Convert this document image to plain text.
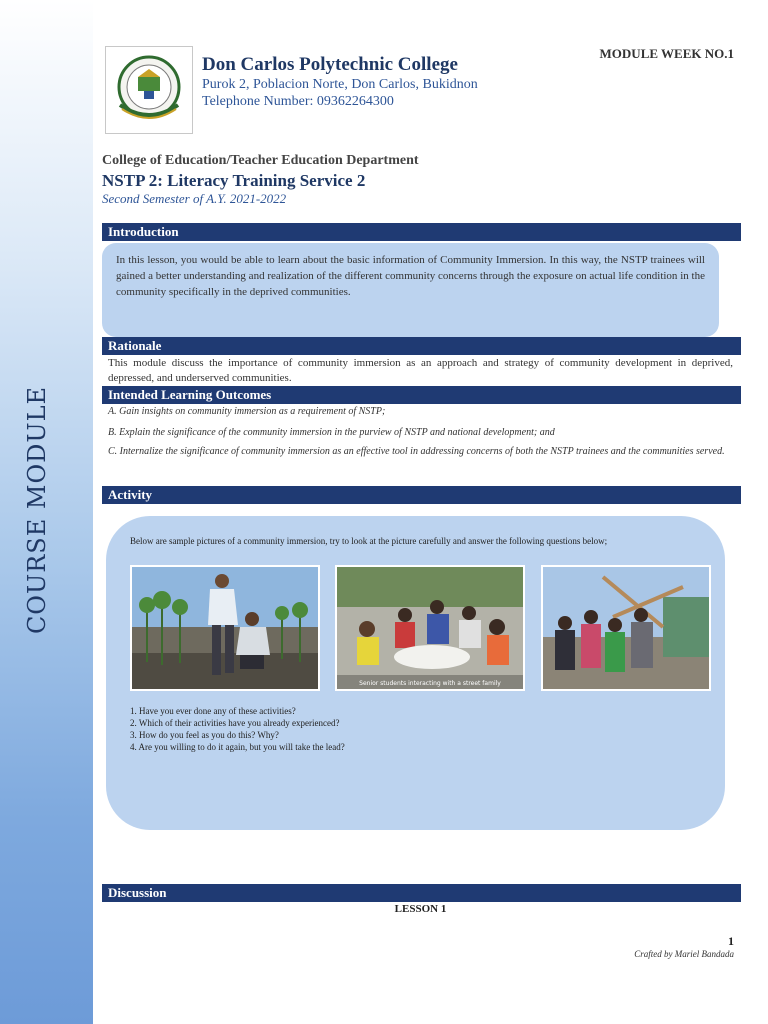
COURSE MODULE
Don Carlos Polytechnic College
Purok 2, Poblacion Norte, Don Carlos, Bukidnon
Telephone Number: 09362264300
MODULE WEEK NO.1
College of Education/Teacher Education Department
NSTP 2: Literacy Training Service 2
Second Semester of A.Y. 2021-2022
Introduction
In this lesson, you would be able to learn about the basic information of Community Immersion. In this way, the NSTP trainees will gained a better understanding and realization of the different community concerns through the exposure on actual life condition in the community specifically in the deprived communities.
Rationale
This module discuss the importance of community immersion as an approach and strategy of community development in deprived, depressed, and underserved communities.
Intended Learning Outcomes
A. Gain insights on community immersion as a requirement of NSTP;
B. Explain the significance of the community immersion in the purview of NSTP and national development; and
C. Internalize the significance of community immersion as an effective tool in addressing concerns of both the NSTP trainees and the communities served.
Activity
Below are sample pictures of a community immersion, try to look at the picture carefully and answer the following questions below;
Senior students interacting with a street family
1. Have you ever done any of these activities?
2. Which of their activities have you already experienced?
3. How do you feel as you do this? Why?
4. Are you willing to do it again, but you will take the lead?
Discussion
LESSON 1
1
Crafted by Mariel Bandada
